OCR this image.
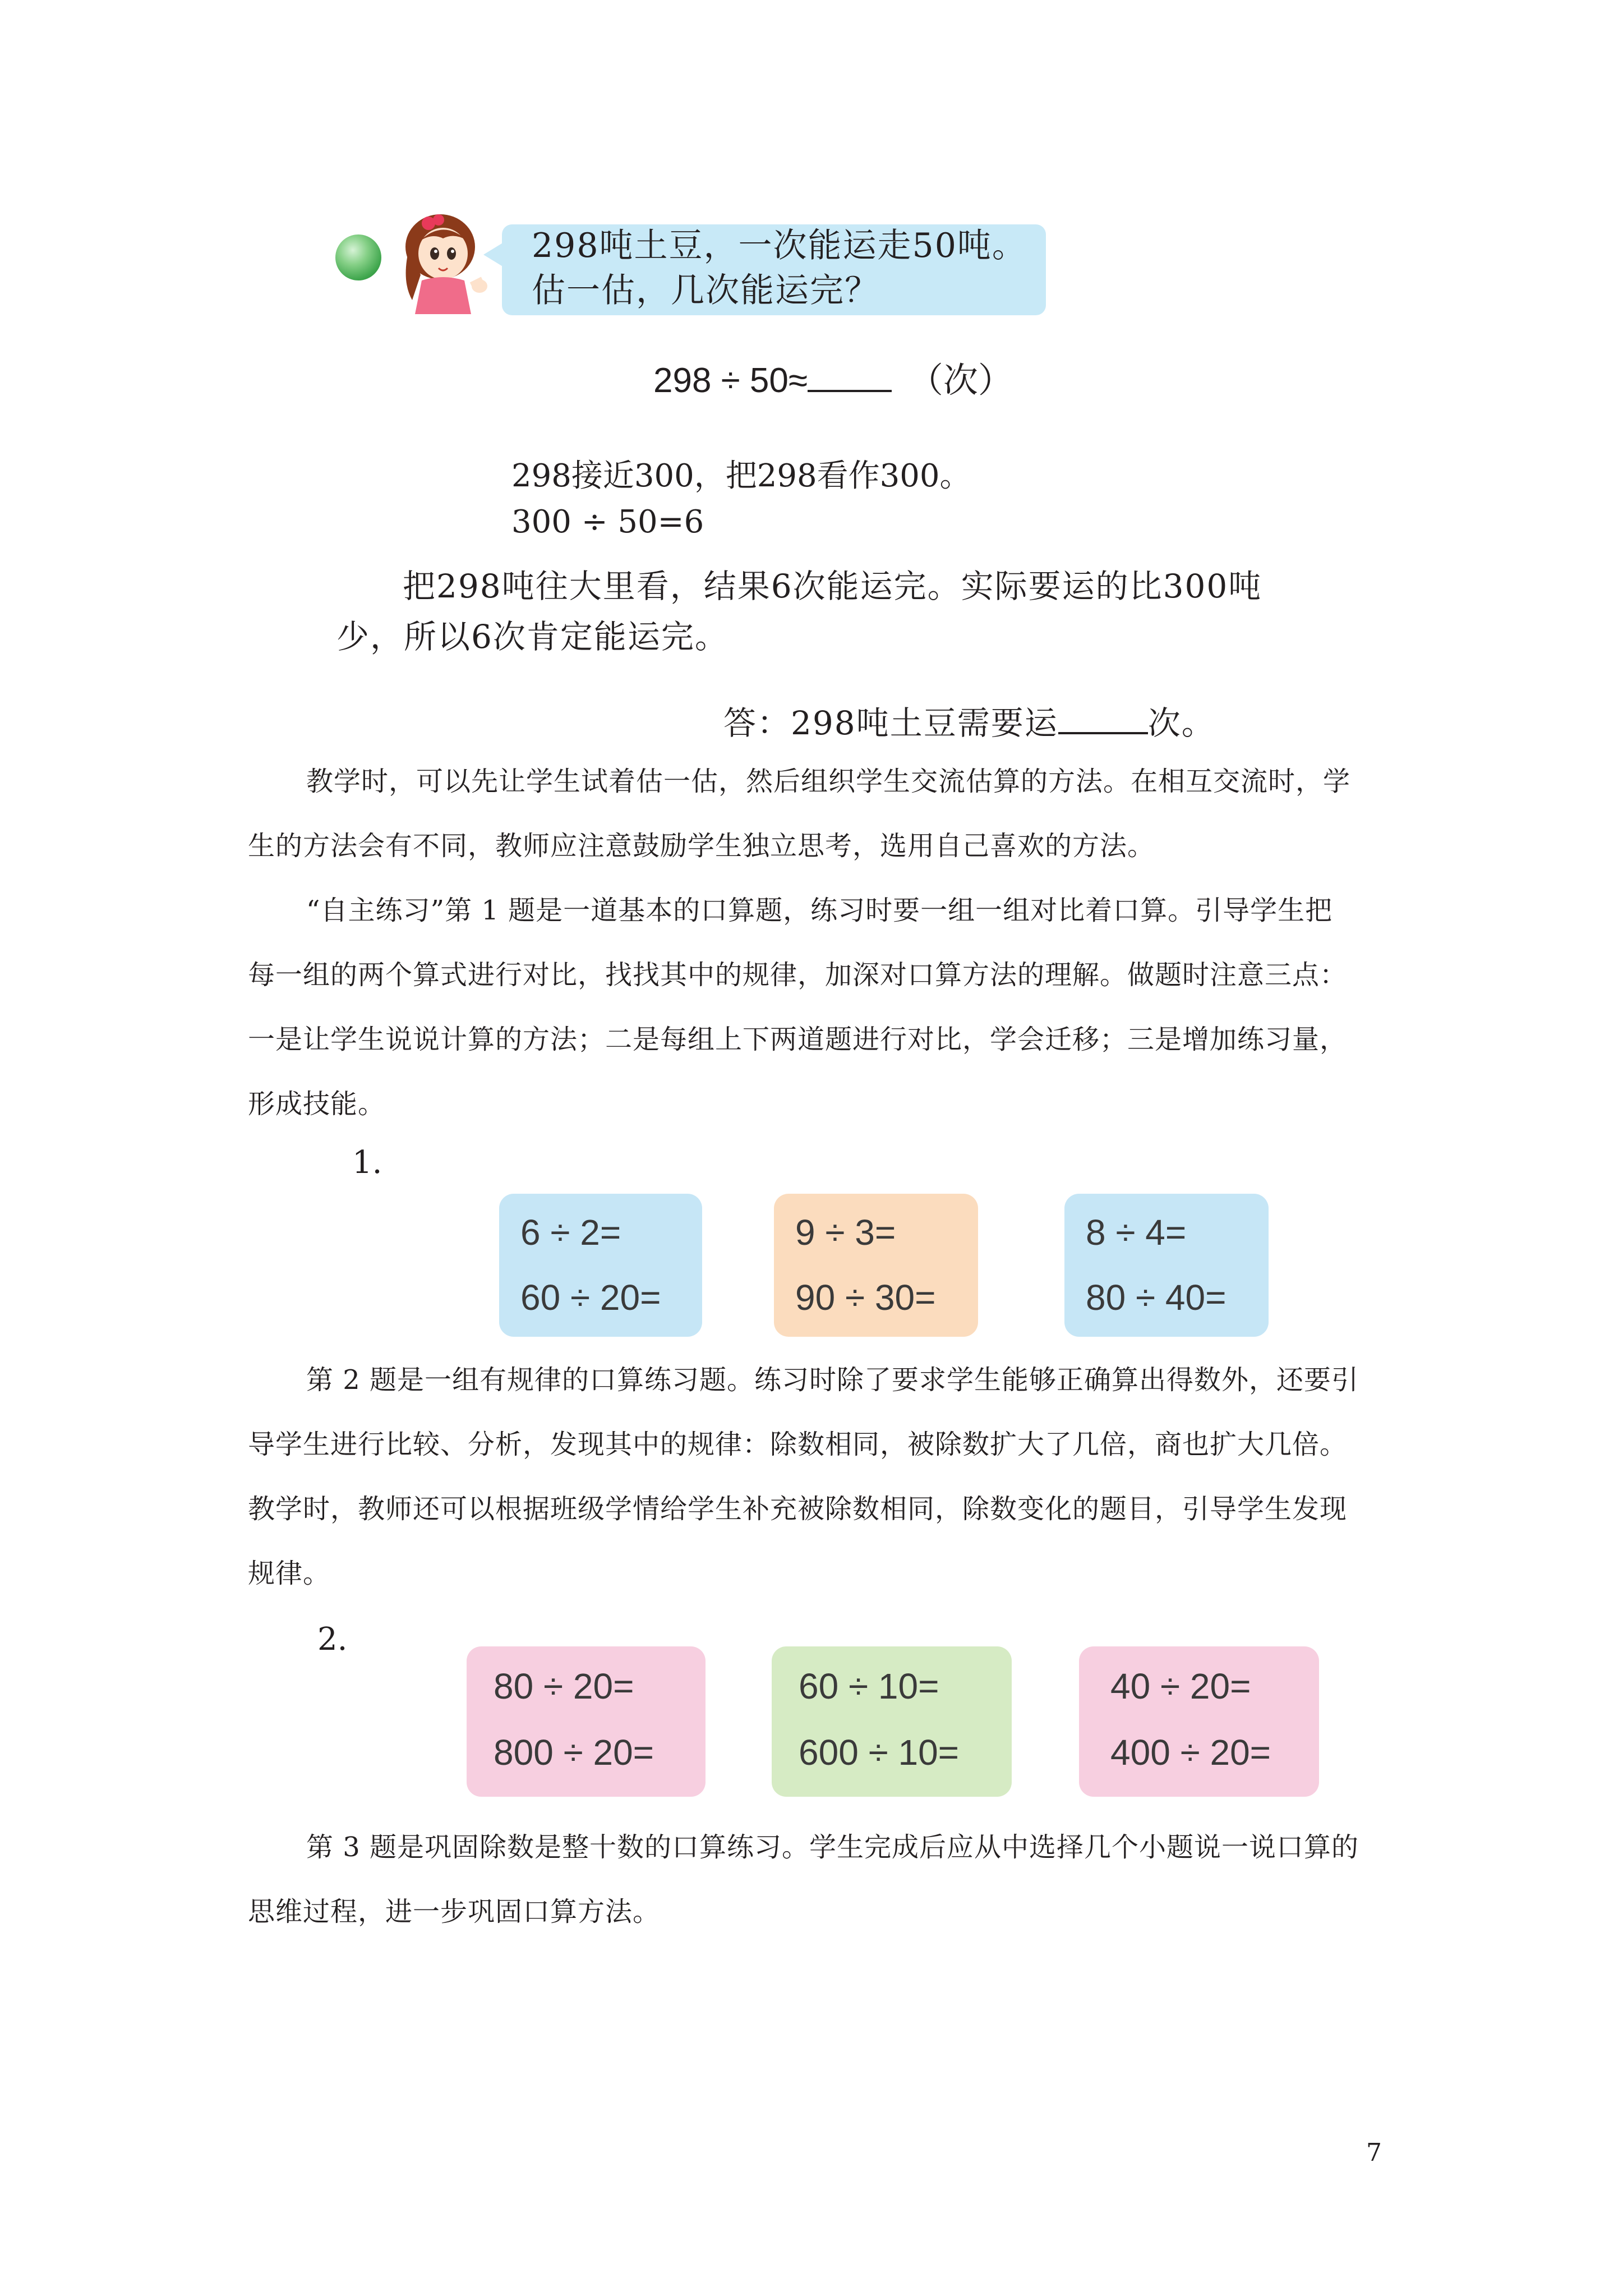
298吨土豆，一次能运走50吨。
估一估，几次能运完？
298 ÷ 50≈	（次）
298接近300，把298看作300。
300 ÷ 50=6
把298吨往大里看，结果6次能运完。实际要运的比300吨
少，所以6次肯定能运完。
答：298吨土豆需要运	次。
教学时，可以先让学生试着估一估，然后组织学生交流估算的方法。在相互交流时，学
生的方法会有不同，教师应注意鼓励学生独立思考，选用自己喜欢的方法。
“自主练习”第 1 题是一道基本的口算题，练习时要一组一组对比着口算。引导学生把
每一组的两个算式进行对比，找找其中的规律，加深对口算方法的理解。做题时注意三点：
一是让学生说说计算的方法；二是每组上下两道题进行对比，学会迁移；三是增加练习量，
形成技能。
1.
6 ÷ 2=
60 ÷ 20=
9 ÷ 3=
90 ÷ 30=
8 ÷ 4=
80 ÷ 40=
第 2 题是一组有规律的口算练习题。练习时除了要求学生能够正确算出得数外，还要引
导学生进行比较、分析，发现其中的规律：除数相同，被除数扩大了几倍，商也扩大几倍。
教学时，教师还可以根据班级学情给学生补充被除数相同，除数变化的题目，引导学生发现
规律。
2.
80 ÷ 20=
800 ÷ 20=
60 ÷ 10=
600 ÷ 10=
40 ÷ 20=
400 ÷ 20=
第 3 题是巩固除数是整十数的口算练习。学生完成后应从中选择几个小题说一说口算的
思维过程，进一步巩固口算方法。
7
